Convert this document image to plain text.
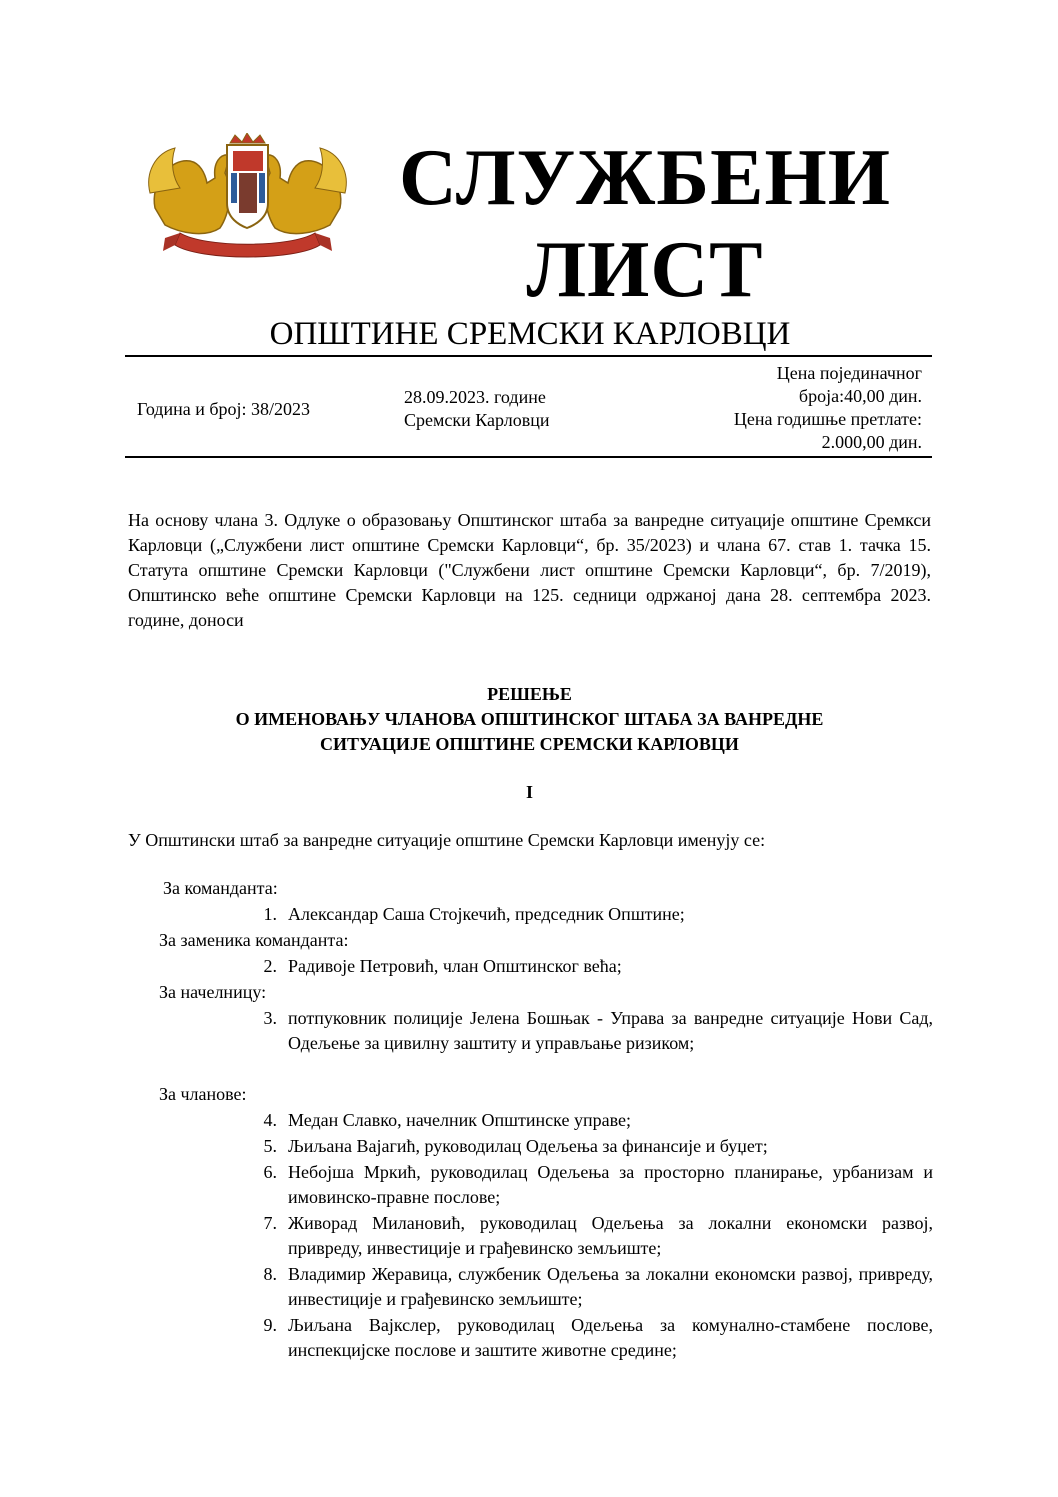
СЛУЖБЕНИ
ЛИСТ
ОПШТИНЕ СРЕМСКИ КАРЛОВЦИ
Година и број: 38/2023
28.09.2023. године
Сремски Карловци
Цена појединачног
броја:40,00 дин.
Цена годишње претлате:
2.000,00 дин.
На основу члана 3. Одлуке о образовању Општинског штаба за ванредне ситуације општине Сремкси Карловци („Службени лист општине Сремски Карловци“, бр. 35/2023) и члана 67. став 1. тачка 15. Статута општине Сремски Карловци ("Службени лист општине Сремски Карловци“, бр. 7/2019), Општинско веће општине Сремски Карловци на 125. седници одржаној дана 28. септембра 2023. године, доноси
РЕШЕЊЕ
О ИМЕНОВАЊУ ЧЛАНОВА ОПШТИНСКОГ ШТАБА ЗА ВАНРЕДНЕ
СИТУАЦИЈЕ ОПШТИНЕ СРЕМСКИ КАРЛОВЦИ
I
У Општински штаб за ванредне ситуације општине Сремски Карловци именују се:
За команданта:
1. Александар Саша Стојкечић, председник Општине;
За заменика команданта:
2. Радивоје Петровић, члан Општинског већа;
За начелницу:
3. потпуковник полиције Јелена Бошњак - Управа за ванредне ситуације Нови Сад, Одељење за цивилну заштиту и управљање ризиком;
За чланове:
4. Медан Славко, начелник Општинске управе;
5. Љиљана Вајагић, руководилац Одељења за финансије и буџет;
6. Небојша Мркић, руководилац Одељења за просторно планирање, урбанизам и имовинско-правне послове;
7. Живорад Милановић, руководилац Одељења за локални економски развој, привреду, инвестиције и грађевинско земљиште;
8. Владимир Жеравица, службеник Одељења за локални економски развој, привреду, инвестиције и грађевинско земљиште;
9. Љиљана Вајкслер, руководилац Одељења за комунално-стамбене послове, инспекцијске послове и заштите животне средине;
